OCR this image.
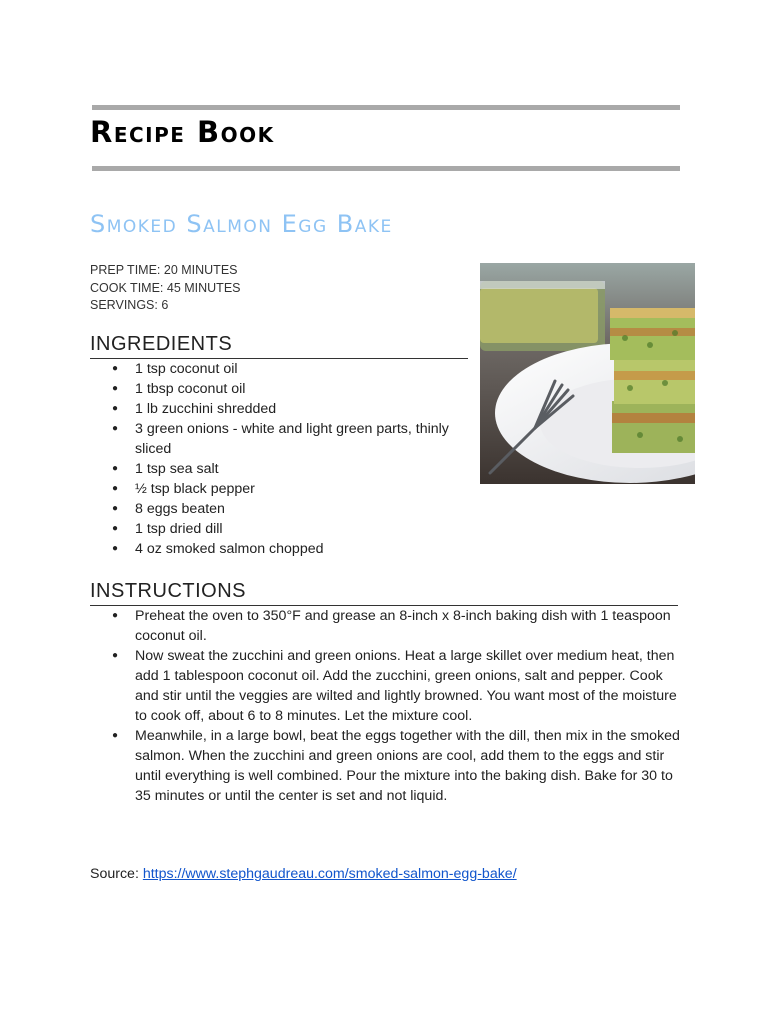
Recipe Book
Smoked Salmon Egg Bake
PREP TIME: 20 MINUTES
COOK TIME: 45 MINUTES
SERVINGS: 6
INGREDIENTS
● 1 tsp coconut oil
● 1 tbsp coconut oil
● 1 lb zucchini shredded
● 3 green onions - white and light green parts, thinly sliced
● 1 tsp sea salt
● ½ tsp black pepper
● 8 eggs beaten
● 1 tsp dried dill
● 4 oz smoked salmon chopped
INSTRUCTIONS
● Preheat the oven to 350°F and grease an 8-inch x 8-inch baking dish with 1 teaspoon coconut oil.
● Now sweat the zucchini and green onions. Heat a large skillet over medium heat, then add 1 tablespoon coconut oil. Add the zucchini, green onions, salt and pepper. Cook and stir until the veggies are wilted and lightly browned. You want most of the moisture to cook off, about 6 to 8 minutes. Let the mixture cool.
● Meanwhile, in a large bowl, beat the eggs together with the dill, then mix in the smoked salmon. When the zucchini and green onions are cool, add them to the eggs and stir until everything is well combined. Pour the mixture into the baking dish. Bake for 30 to 35 minutes or until the center is set and not liquid.
Source: https://www.stephgaudreau.com/smoked-salmon-egg-bake/
